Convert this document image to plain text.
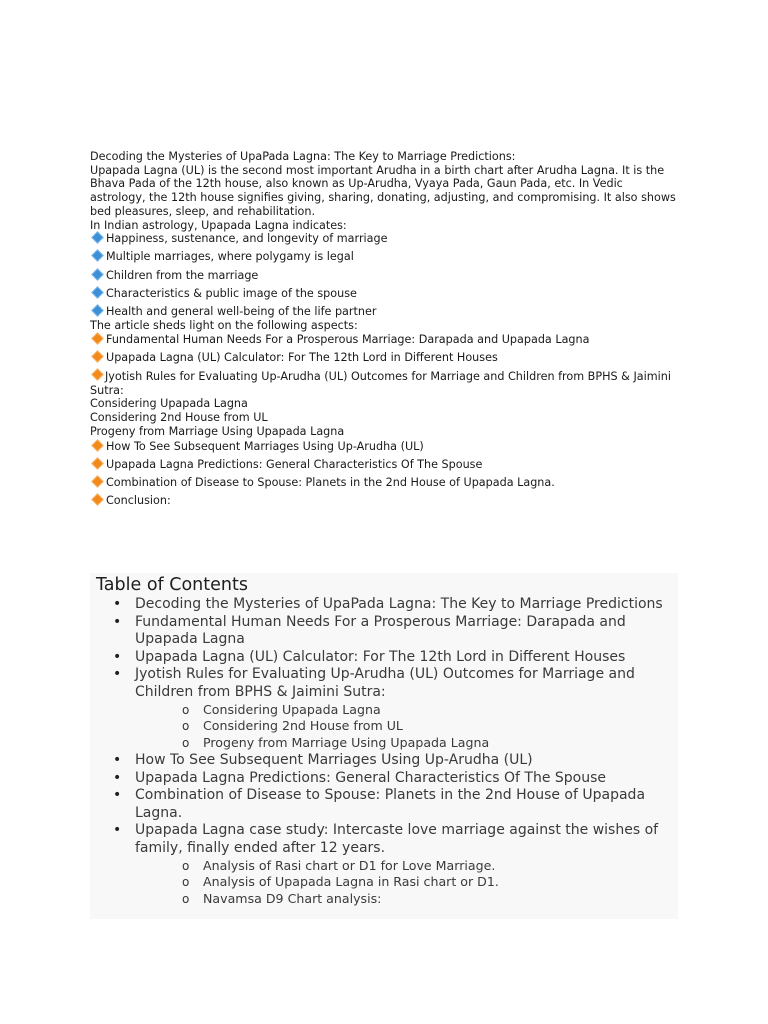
Decoding the Mysteries of UpaPada Lagna: The Key to Marriage Predictions:

Upapada Lagna (UL) is the second most important Arudha in a birth chart after Arudha Lagna. It is the Bhava Pada of the 12th house, also known as Up-Arudha, Vyaya Pada, Gaun Pada, etc. In Vedic astrology, the 12th house signifies giving, sharing, donating, adjusting, and compromising. It also shows bed pleasures, sleep, and rehabilitation.

In Indian astrology, Upapada Lagna indicates:

Happiness, sustenance, and longevity of marriage
Multiple marriages, where polygamy is legal
Children from the marriage
Characteristics & public image of the spouse
Health and general well-being of the life partner

The article sheds light on the following aspects:

Fundamental Human Needs For a Prosperous Marriage: Darapada and Upapada Lagna
Upapada Lagna (UL) Calculator: For The 12th Lord in Different Houses

Jyotish Rules for Evaluating Up-Arudha (UL) Outcomes for Marriage and Children from BPHS & Jaimini Sutra:

Considering Upapada Lagna

Considering 2nd House from UL

Progeny from Marriage Using Upapada Lagna

How To See Subsequent Marriages Using Up-Arudha (UL)
Upapada Lagna Predictions: General Characteristics Of The Spouse
Combination of Disease to Spouse: Planets in the 2nd House of Upapada Lagna.
Conclusion:

Table of Contents

• Decoding the Mysteries of UpaPada Lagna: The Key to Marriage Predictions
• Fundamental Human Needs For a Prosperous Marriage: Darapada and Upapada Lagna
• Upapada Lagna (UL) Calculator: For The 12th Lord in Different Houses
• Jyotish Rules for Evaluating Up-Arudha (UL) Outcomes for Marriage and Children from BPHS & Jaimini Sutra:
o Considering Upapada Lagna
o Considering 2nd House from UL
o Progeny from Marriage Using Upapada Lagna
• How To See Subsequent Marriages Using Up-Arudha (UL)
• Upapada Lagna Predictions: General Characteristics Of The Spouse
• Combination of Disease to Spouse: Planets in the 2nd House of Upapada Lagna.
• Upapada Lagna case study: Intercaste love marriage against the wishes of family, finally ended after 12 years.
o Analysis of Rasi chart or D1 for Love Marriage.
o Analysis of Upapada Lagna in Rasi chart or D1.
o Navamsa D9 Chart analysis:
